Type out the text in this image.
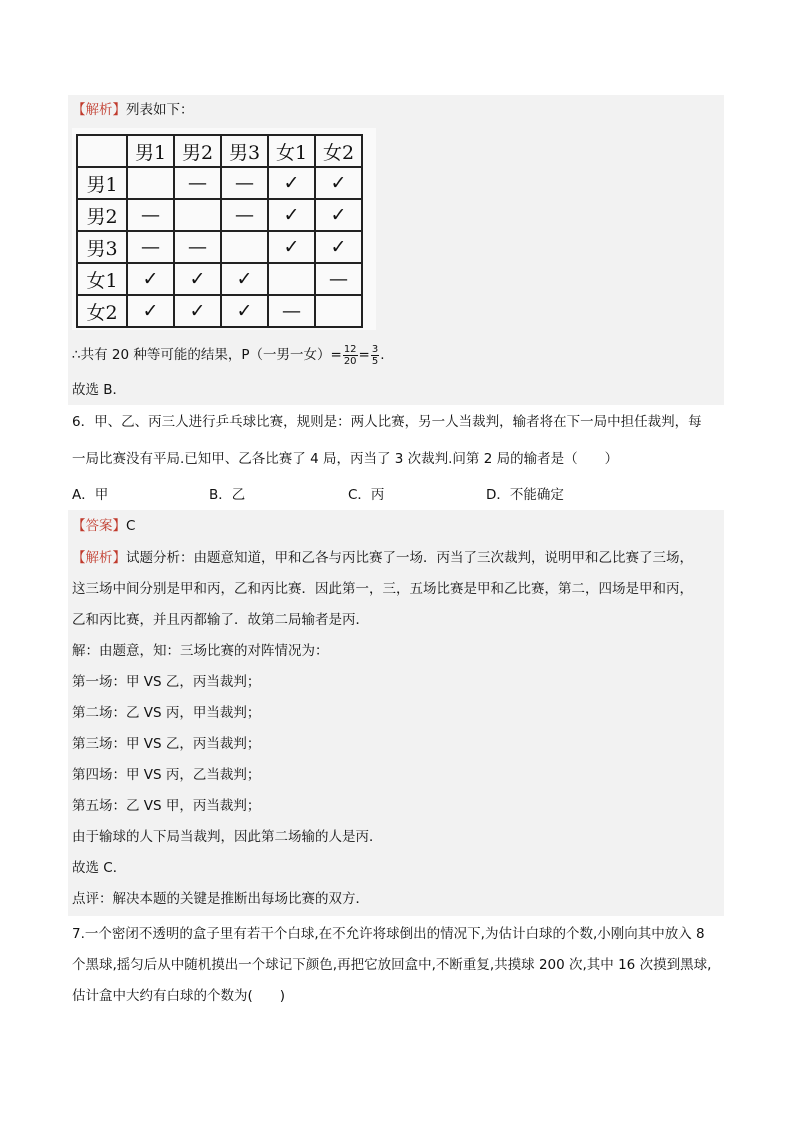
【解析】列表如下：
	男1	男2	男3	女1	女2
男1		—	—	✓	✓
男2	—		—	✓	✓
男3	—	—		✓	✓
女1	✓	✓	✓		—
女2	✓	✓	✓	—	
∴共有 20 种等可能的结果，P（一男一女）= $\frac{12}{20} = \frac{3}{5}$ .
故选 B．
6．甲、乙、丙三人进行乒乓球比赛，规则是：两人比赛，另一人当裁判，输者将在下一局中担任裁判，每
一局比赛没有平局.已知甲、乙各比赛了 4 局，丙当了 3 次裁判.问第 2 局的输者是（　　）
A．甲	B．乙	C．丙	D．不能确定
【答案】C
【解析】试题分析：由题意知道，甲和乙各与丙比赛了一场．丙当了三次裁判，说明甲和乙比赛了三场，
这三场中间分别是甲和丙，乙和丙比赛．因此第一，三，五场比赛是甲和乙比赛，第二，四场是甲和丙，
乙和丙比赛，并且丙都输了．故第二局输者是丙．
解：由题意，知：三场比赛的对阵情况为：
第一场：甲 VS 乙，丙当裁判；
第二场：乙 VS 丙，甲当裁判；
第三场：甲 VS 乙，丙当裁判；
第四场：甲 VS 丙，乙当裁判；
第五场：乙 VS 甲，丙当裁判；
由于输球的人下局当裁判，因此第二场输的人是丙．
故选 C．
点评：解决本题的关键是推断出每场比赛的双方．
7.一个密闭不透明的盒子里有若干个白球,在不允许将球倒出的情况下,为估计白球的个数,小刚向其中放入 8
个黑球,摇匀后从中随机摸出一个球记下颜色,再把它放回盒中,不断重复,共摸球 200 次,其中 16 次摸到黑球,
估计盒中大约有白球的个数为(　　)
